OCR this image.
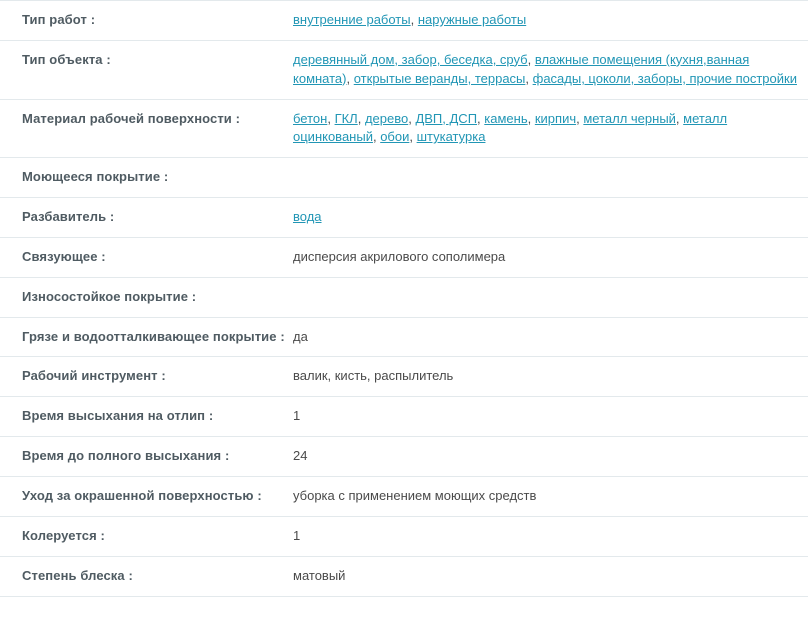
Тип работ :	внутренние работы, наружные работы
Тип объекта :	деревянный дом, забор, беседка, сруб, влажные помещения (кухня,ванная комната), открытые веранды, террасы, фасады, цоколи, заборы, прочие постройки
Материал рабочей поверхности :	бетон, ГКЛ, дерево, ДВП, ДСП, камень, кирпич, металл черный, металл оцинкованый, обои, штукатурка
Моющееся покрытие :	
Разбавитель :	вода
Связующее :	дисперсия акрилового сополимера
Износостойкое покрытие :	
Грязе и водоотталкивающее покрытие :	да
Рабочий инструмент :	валик, кисть, распылитель
Время высыхания на отлип :	1
Время до полного высыхания :	24
Уход за окрашенной поверхностью :	уборка с применением моющих средств
Колеруется :	1
Степень блеска :	матовый
